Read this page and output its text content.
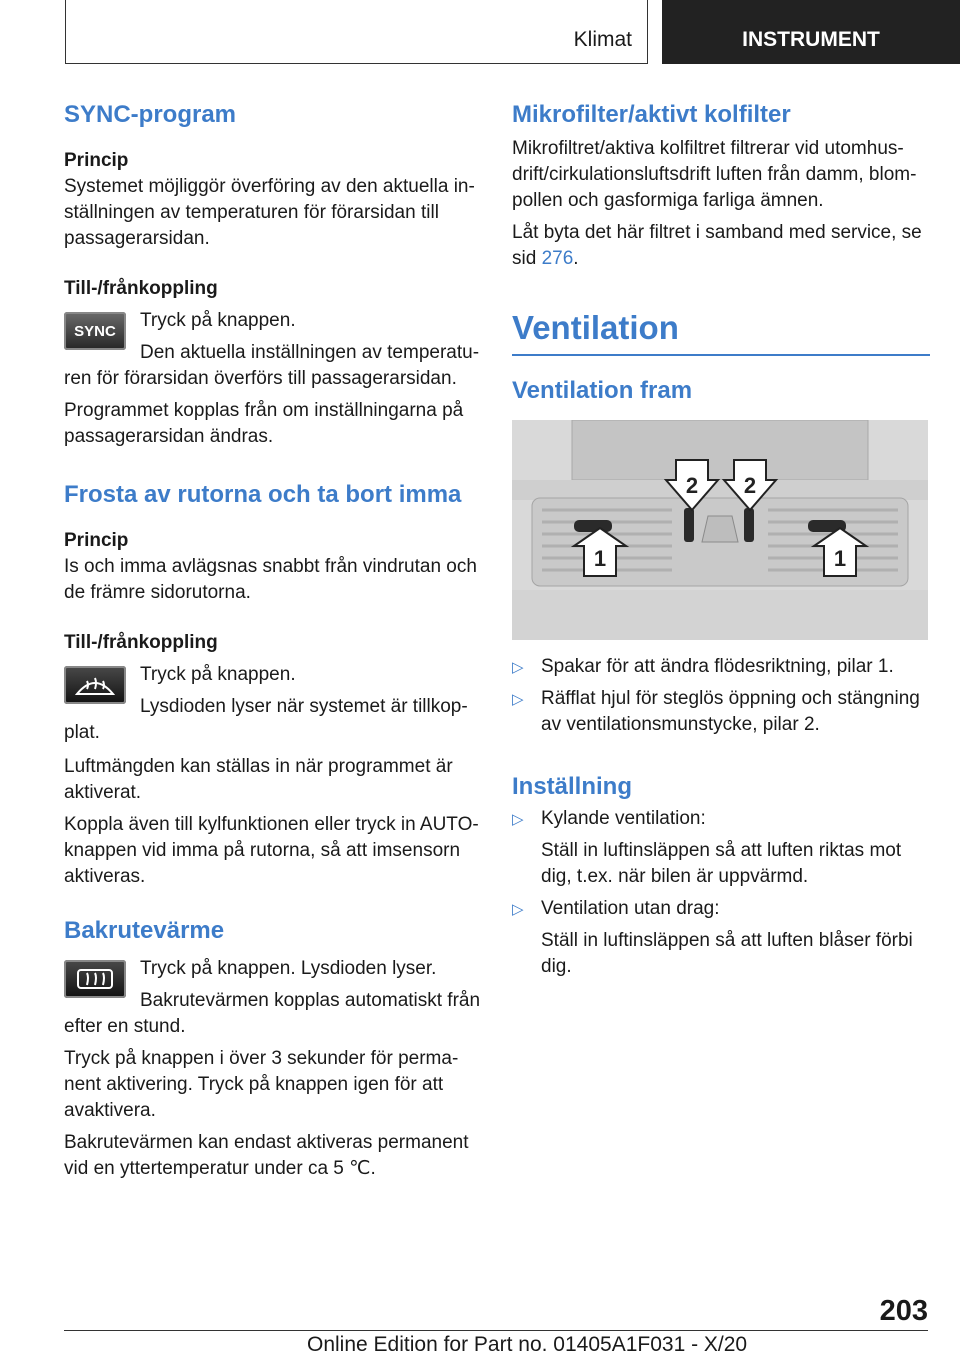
Klimat	INSTRUMENT
SYNC-program
Princip

Systemet möjliggör överföring av den aktuella inställningen av temperaturen för förarsidan till passagerarsidan.

Till-/frånkoppling
SYNC	Tryck på knappen.

Den aktuella inställningen av temperaturen för förarsidan överförs till passagerarsidan.

Programmet kopplas från om inställningarna på passagerarsidan ändras.

Frosta av rutorna och ta bort imma
Princip

Is och imma avlägsnas snabbt från vindrutan och de främre sidorutorna.

Till-/frånkoppling

Tryck på knappen.

Lysdioden lyser när systemet är tillkopplat.

Luftmängden kan ställas in när programmet är aktiverat.

Koppla även till kylfunktionen eller tryck in AUTO-knappen vid imma på rutorna, så att imsensorn aktiveras.

Bakrutevärme

Tryck på knappen. Lysdioden lyser.

Bakrutevärmen kopplas automatiskt från efter en stund.

Tryck på knappen i över 3 sekunder för permanent aktivering. Tryck på knappen igen för att avaktivera.

Bakrutevärmen kan endast aktiveras permanent vid en yttertemperatur under ca 5 ℃.

Mikrofilter/aktivt kolfilter

Mikrofiltret/aktiva kolfiltret filtrerar vid utomhusdrift/cirkulationsluftsdrift luften från damm, blompollen och gasformiga farliga ämnen.

Låt byta det här filtret i samband med service, se sid 276.

Ventilation
Ventilation fram
2 2
1	1
▷ Spakar för att ändra flödesriktning, pilar 1.
▷ Räfflat hjul för steglös öppning och stängning av ventilationsmunstycke, pilar 2.
Inställning
▷ Kylande ventilation:

Ställ in luftinsläppen så att luften riktas mot dig, t.ex. när bilen är uppvärmd.

▷ Ventilation utan drag:

Ställ in luftinsläppen så att luften blåser förbi dig.

203
Online Edition for Part no. 01405A1F031 - X/20
